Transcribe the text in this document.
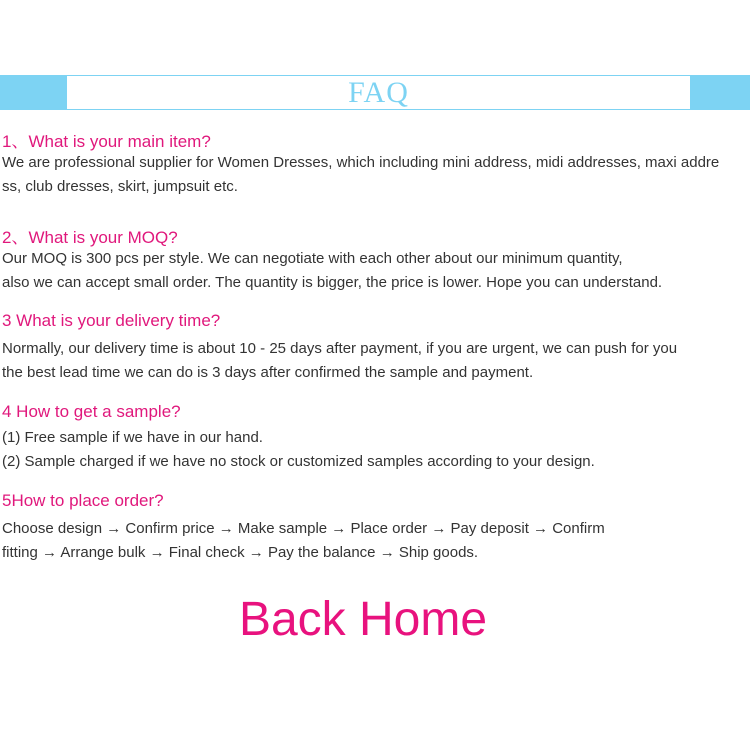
FAQ
1、What is your main item?
We are professional supplier for Women Dresses, which including mini address, midi addresses, maxi addre
ss, club dresses, skirt, jumpsuit etc.
2、What is your MOQ?
Our MOQ is 300 pcs per style. We can negotiate with each other about our minimum quantity,
also we can accept small order. The quantity is bigger, the price is lower. Hope you can understand.
3 What is your delivery time?
Normally, our delivery time is about 10 - 25 days after payment, if you are urgent, we can push for you
the best lead time we can do is 3 days after confirmed the sample and payment.
4 How to get a sample?
(1) Free sample if we have in our hand.
(2) Sample charged if we have no stock or customized samples according to your design.
5How to place order?
Choose design → Confirm price → Make sample → Place order → Pay deposit → Confirm
fitting → Arrange bulk → Final check → Pay the balance → Ship goods.
Back Home
